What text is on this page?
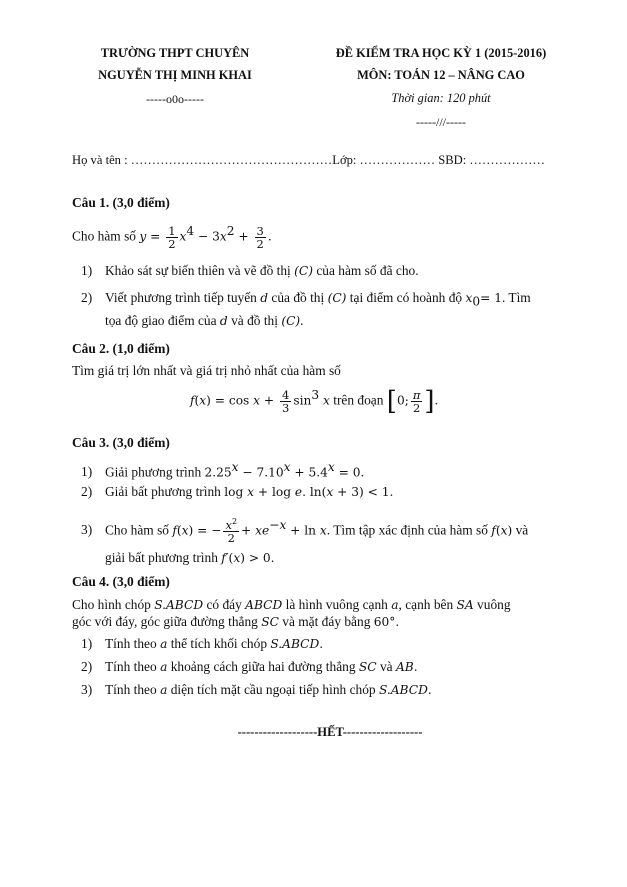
TRƯỜNG THPT CHUYÊN
NGUYỄN THỊ MINH KHAI
-----o0o-----
ĐỀ KIỂM TRA HỌC KỲ 1 (2015-2016)
MÔN: TOÁN 12 – NÂNG CAO
Thời gian: 120 phút
-----///-----
Họ và tên : …………………………………………Lớp: ……………… SBD: ………………
Câu 1. (3,0 điểm)
Cho hàm số $y = \frac{1}{2} x^4 - 3x^2 + \frac{3}{2}$ .
1) Khảo sát sự biến thiên và vẽ đồ thị (C) của hàm số đã cho.
2) Viết phương trình tiếp tuyến d của đồ thị (C) tại điểm có hoành độ $x_0= 1$. Tìm
tọa độ giao điểm của d và đồ thị (C).
Câu 2. (1,0 điểm)
Tìm giá trị lớn nhất và giá trị nhỏ nhất của hàm số
$f(x) = \cos x + \frac{4}{3} \sin^3 x$ trên đoạn [0; $\frac{\pi}{2}$ ].
Câu 3. (3,0 điểm)
1) Giải phương trình $2.25^x - 7.10^x + 5.4^x = 0$.
2) Giải bất phương trình log x + log e. ln(x + 3) < 1.
3) Cho hàm số f(x) = − $\frac{x^2}{2} + xe^{-x} + \ln x$. Tìm tập xác định của hàm số f(x) và
giải bất phương trình f′(x) > 0.
Câu 4. (3,0 điểm)
Cho hình chóp S.ABCD có đáy ABCD là hình vuông cạnh a, cạnh bên SA vuông
góc với đáy, góc giữa đường thẳng SC và mặt đáy bằng 60°.
1) Tính theo a thể tích khối chóp S.ABCD.
2) Tính theo a khoảng cách giữa hai đường thẳng SC và AB.
3) Tính theo a diện tích mặt cầu ngoại tiếp hình chóp S.ABCD.
-------------------HẾT-------------------
